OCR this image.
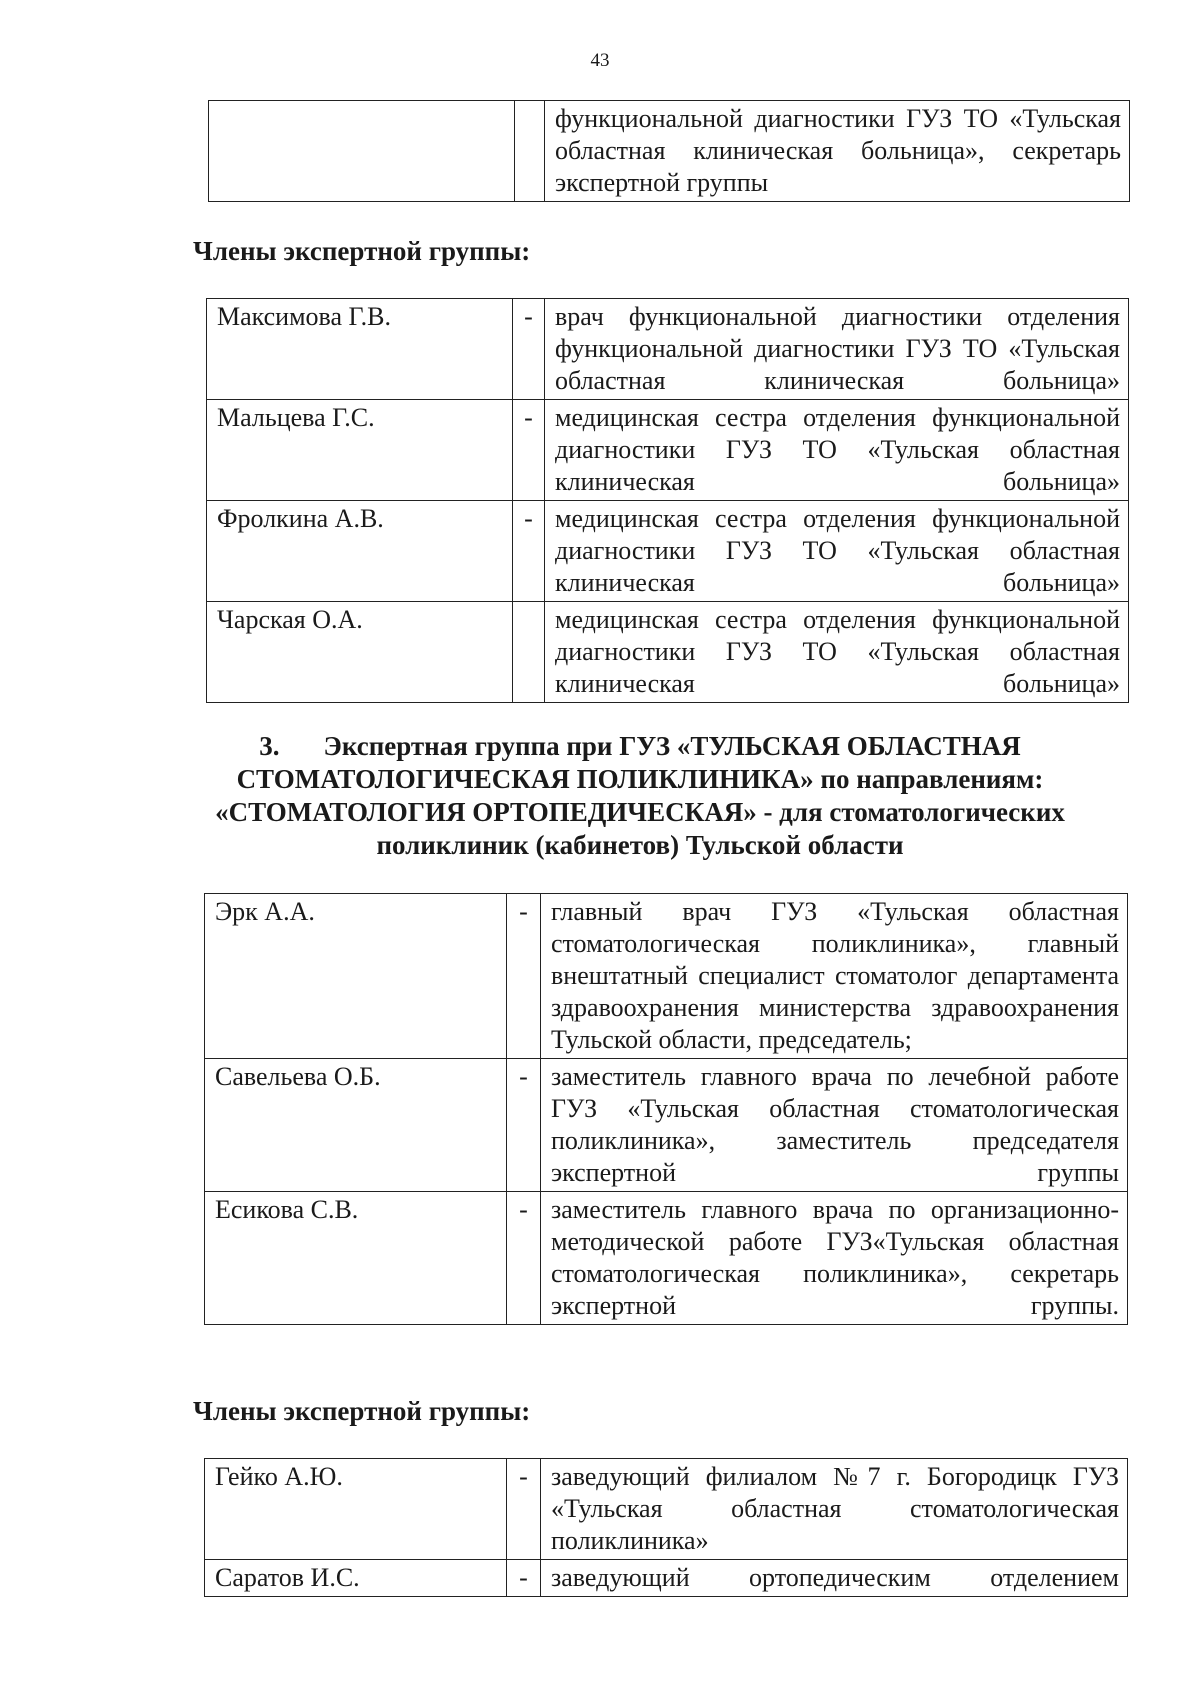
43
		функциональной диагностики ГУЗ ТО «Тульская областная клиническая больница», секретарь экспертной группы
Члены экспертной группы:
Максимова Г.В.	-	врач функциональной диагностики отделения функциональной диагностики ГУЗ ТО «Тульская областная клиническая больница»
Мальцева Г.С.	-	медицинская сестра отделения функциональной диагностики ГУЗ ТО «Тульская областная клиническая больница»
Фролкина А.В.	-	медицинская сестра отделения функциональной диагностики ГУЗ ТО «Тульская областная клиническая больница»
Чарская О.А.		медицинская сестра отделения функциональной диагностики ГУЗ ТО «Тульская областная клиническая больница»
3. Экспертная группа при ГУЗ «ТУЛЬСКАЯ ОБЛАСТНАЯ
СТОМАТОЛОГИЧЕСКАЯ ПОЛИКЛИНИКА» по направлениям:
«СТОМАТОЛОГИЯ ОРТОПЕДИЧЕСКАЯ» - для стоматологических
поликлиник (кабинетов) Тульской области
Эрк А.А.	-	главный врач ГУЗ «Тульская областная стоматологическая поликлиника», главный внештатный специалист стоматолог департамента здравоохранения министерства здравоохранения Тульской области, председатель;
Савельева О.Б.	-	заместитель главного врача по лечебной работе ГУЗ «Тульская областная стоматологическая поликлиника», заместитель председателя экспертной группы
Есикова С.В.	-	заместитель главного врача по организационно-методической работе ГУЗ«Тульская областная стоматологическая поликлиника», секретарь экспертной группы.
Члены экспертной группы:
Гейко А.Ю.	-	заведующий филиалом №7 г. Богородицк ГУЗ «Тульская областная стоматологическая поликлиника»
Саратов И.С.	-	заведующий ортопедическим отделением
